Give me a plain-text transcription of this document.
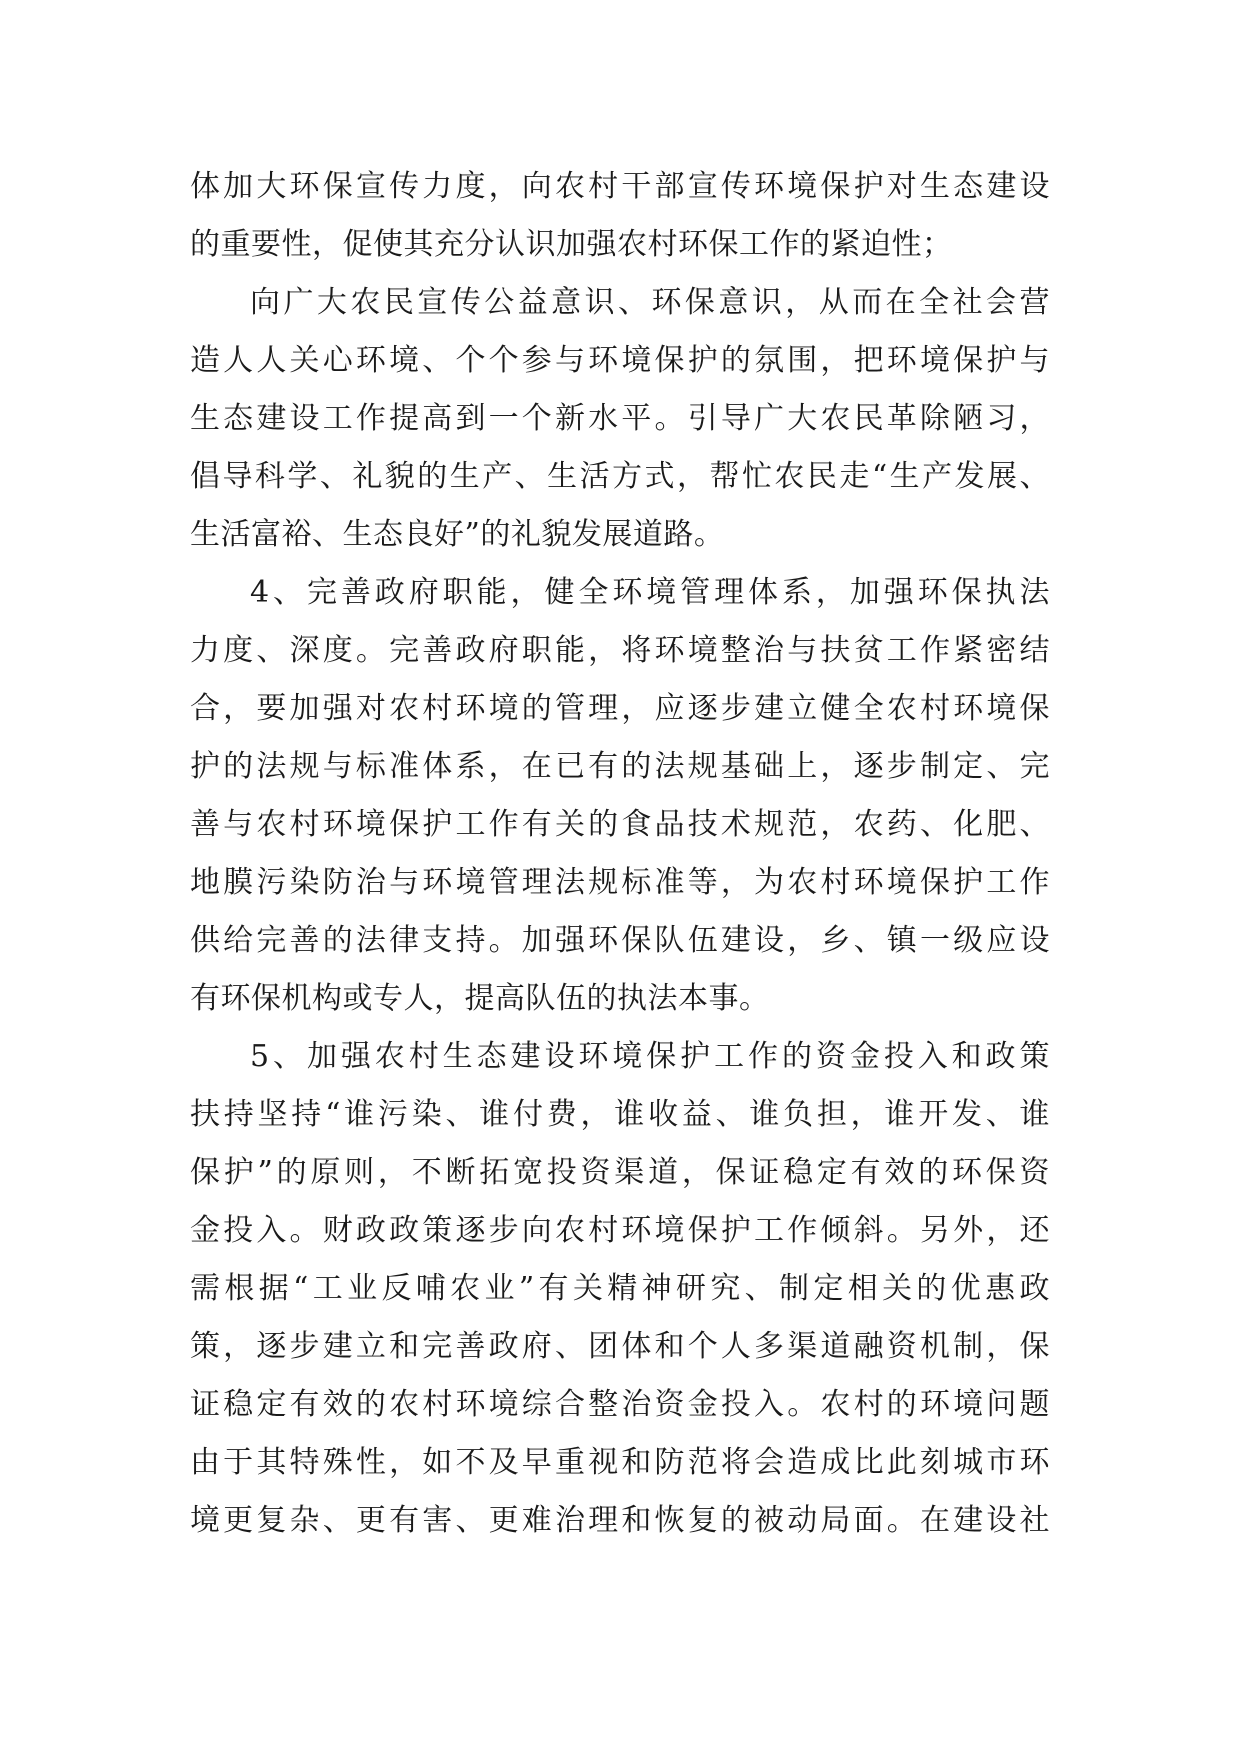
体加大环保宣传力度，向农村干部宣传环境保护对生态建设
的重要性，促使其充分认识加强农村环保工作的紧迫性；
向广大农民宣传公益意识、环保意识，从而在全社会营
造人人关心环境、个个参与环境保护的氛围，把环境保护与
生态建设工作提高到一个新水平。引导广大农民革除陋习，
倡导科学、礼貌的生产、生活方式，帮忙农民走“生产发展、
生活富裕、生态良好”的礼貌发展道路。
4、完善政府职能，健全环境管理体系，加强环保执法
力度、深度。完善政府职能，将环境整治与扶贫工作紧密结
合，要加强对农村环境的管理，应逐步建立健全农村环境保
护的法规与标准体系，在已有的法规基础上，逐步制定、完
善与农村环境保护工作有关的食品技术规范，农药、化肥、
地膜污染防治与环境管理法规标准等，为农村环境保护工作
供给完善的法律支持。加强环保队伍建设，乡、镇一级应设
有环保机构或专人，提高队伍的执法本事。
5、加强农村生态建设环境保护工作的资金投入和政策
扶持坚持“谁污染、谁付费，谁收益、谁负担，谁开发、谁
保护”的原则，不断拓宽投资渠道，保证稳定有效的环保资
金投入。财政政策逐步向农村环境保护工作倾斜。另外，还
需根据“工业反哺农业”有关精神研究、制定相关的优惠政
策，逐步建立和完善政府、团体和个人多渠道融资机制，保
证稳定有效的农村环境综合整治资金投入。农村的环境问题
由于其特殊性，如不及早重视和防范将会造成比此刻城市环
境更复杂、更有害、更难治理和恢复的被动局面。在建设社
